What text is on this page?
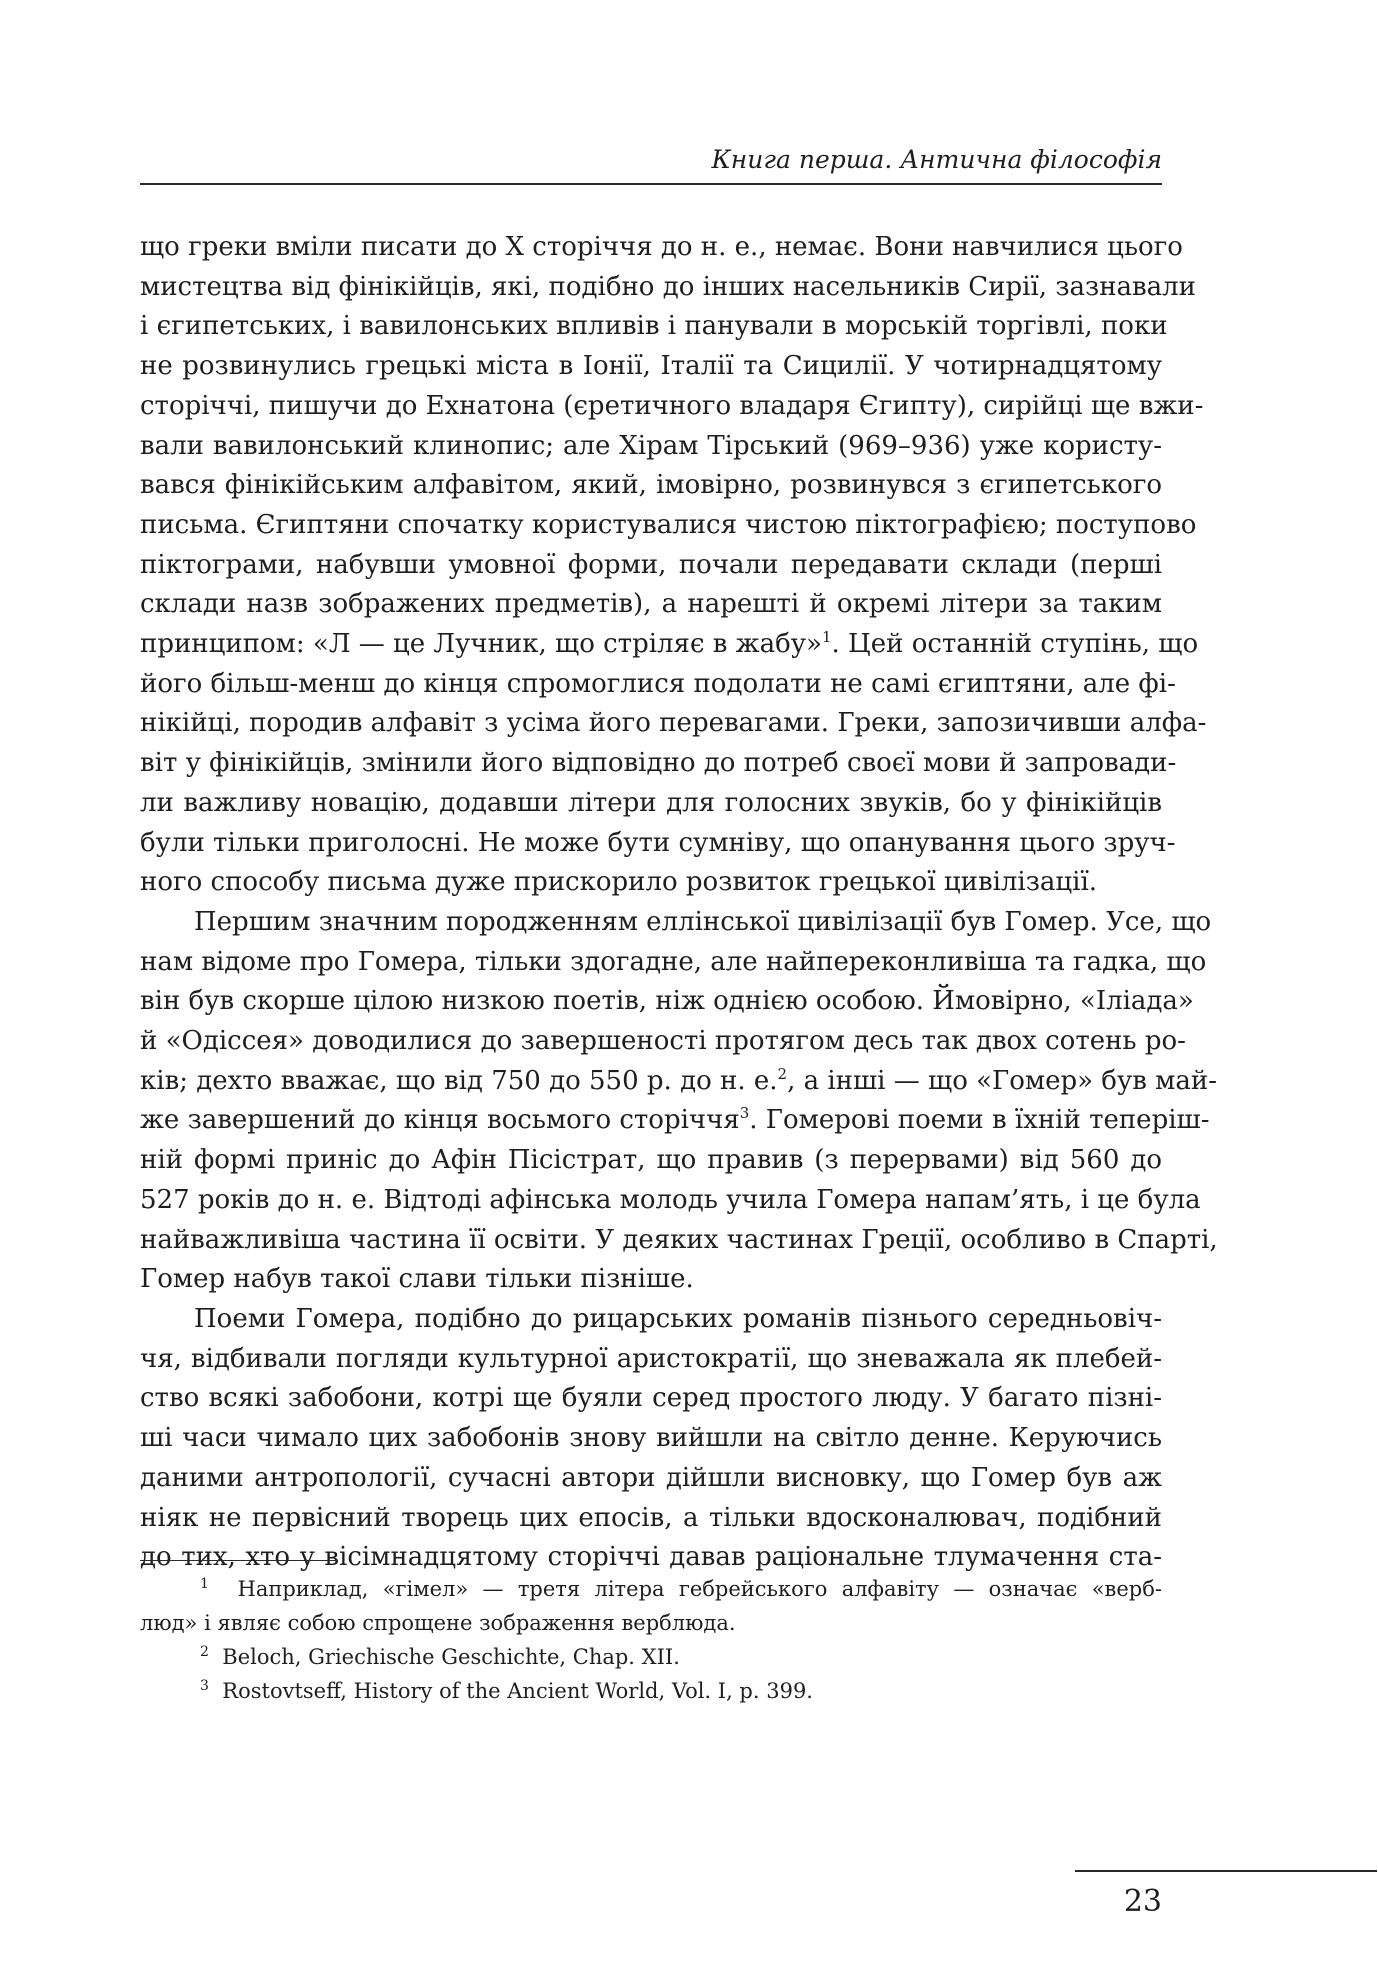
Книга перша. Антична філософія
що греки вміли писати до X сторіччя до н. е., немає. Вони навчилися цього
мистецтва від фінікійців, які, подібно до інших насельників Сирії, зазнавали
і єгипетських, і вавилонських впливів і панували в морській торгівлі, поки
не розвинулись грецькі міста в Іонії, Італії та Сицилії. У чотирнадцятому
сторіччі, пишучи до Ехнатона (єретичного владаря Єгипту), сирійці ще вжи-
вали вавилонський клинопис; але Хірам Тірський (969–936) уже користу-
вався фінікійським алфавітом, який, імовірно, розвинувся з єгипетського
письма. Єгиптяни спочатку користувалися чистою піктографією; поступово
піктограми, набувши умовної форми, почали передавати склади (перші
склади назв зображених предметів), а нарешті й окремі літери за таким
принципом: «Л — це Лучник, що стріляє в жабу»$^1$. Цей останній ступінь, що
його більш-менш до кінця спромоглися подолати не самі єгиптяни, але фі-
нікійці, породив алфавіт з усіма його перевагами. Греки, запозичивши алфа-
віт у фінікійців, змінили його відповідно до потреб своєї мови й запровади-
ли важливу новацію, додавши літери для голосних звуків, бо у фінікійців
були тільки приголосні. Не може бути сумніву, що опанування цього зруч-
ного способу письма дуже прискорило розвиток грецької цивілізації.
Першим значним породженням еллінської цивілізації був Гомер. Усе, що
нам відоме про Гомера, тільки здогадне, але найпереконливіша та гадка, що
він був скорше цілою низкою поетів, ніж однією особою. Ймовірно, «Іліада»
й «Одіссея» доводилися до завершеності протягом десь так двох сотень ро-
ків; дехто вважає, що від 750 до 550 р. до н. е.$^2$, а інші — що «Гомер» був май-
же завершений до кінця восьмого сторіччя$^3$. Гомерові поеми в їхній теперіш-
ній формі приніс до Афін Пісістрат, що правив (з перервами) від 560 до
527 років до н. е. Відтоді афінська молодь учила Гомера напам’ять, і це була
найважливіша частина її освіти. У деяких частинах Греції, особливо в Спарті,
Гомер набув такої слави тільки пізніше.
Поеми Гомера, подібно до рицарських романів пізнього середньовіч-
чя, відбивали погляди культурної аристократії, що зневажала як плебей-
ство всякі забобони, котрі ще буяли серед простого люду. У багато пізні-
ші часи чимало цих забобонів знову вийшли на світло денне. Керуючись
даними антропології, сучасні автори дійшли висновку, що Гомер був аж
ніяк не первісний творець цих епосів, а тільки вдосконалювач, подібний
до тих, хто у вісімнадцятому сторіччі давав раціональне тлумачення ста-
$^1$ Наприклад, «гімел» — третя літера гебрейського алфавіту — означає «верб-
люд» і являє собою спрощене зображення верблюда.
$^2$ Beloch, Griechische Geschichte, Chap. XII.
$^3$ Rostovtseff, History of the Ancient World, Vol. I, p. 399.
23
